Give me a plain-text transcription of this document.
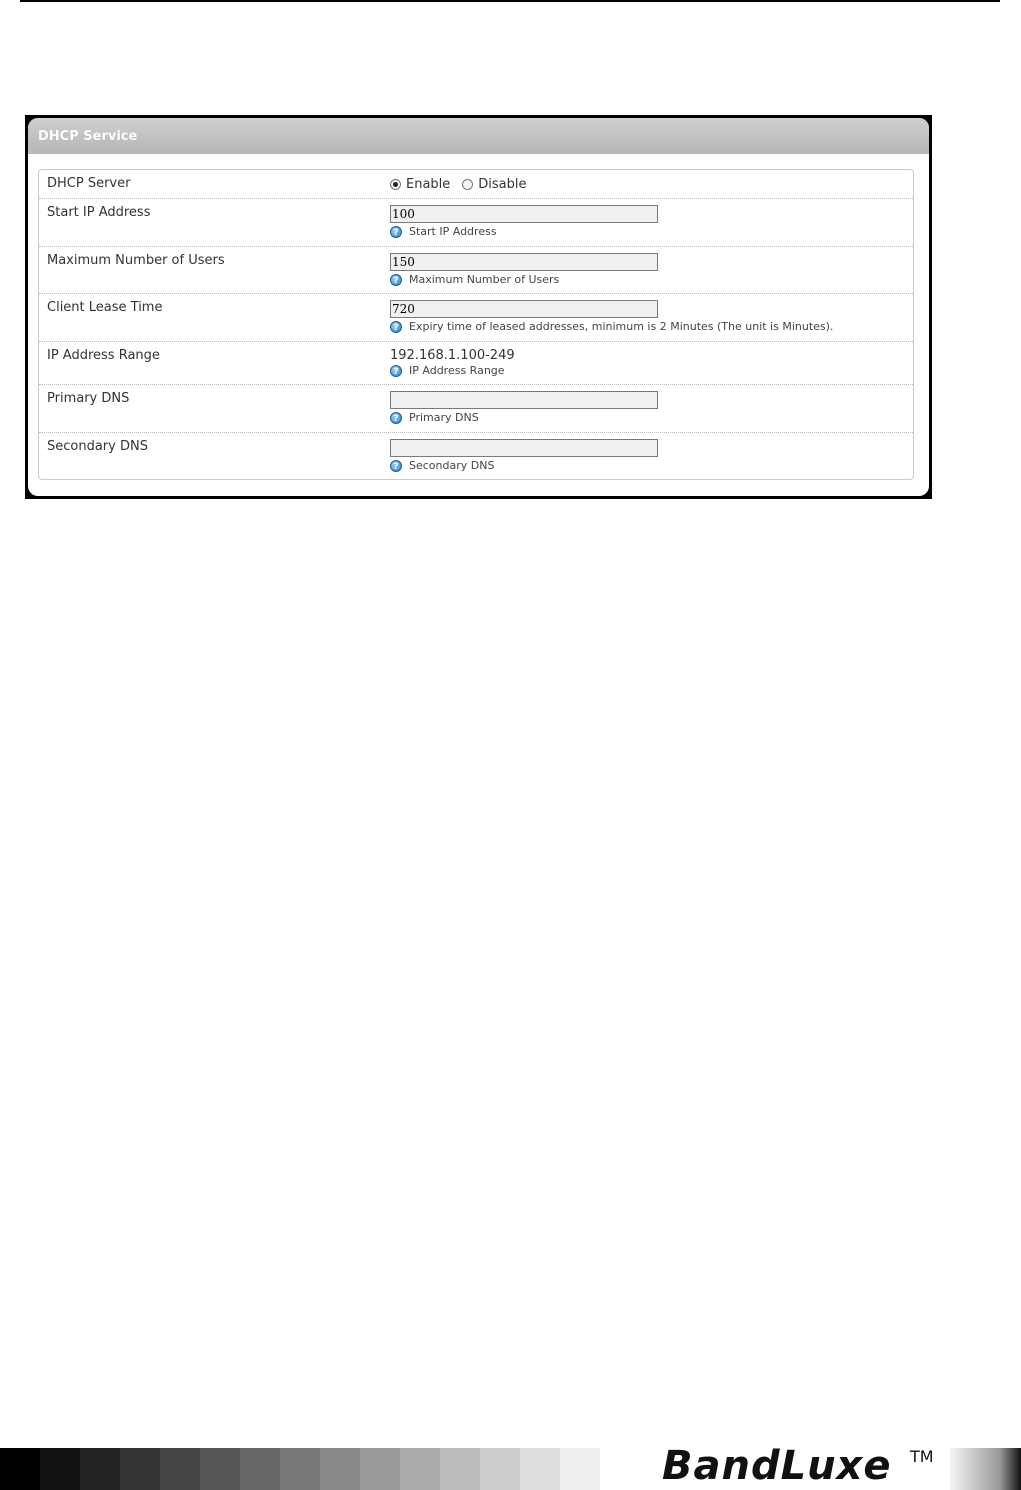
DHCP Service
DHCP Server	Enable Disable
Start IP Address
100
? Start IP Address
Maximum Number of Users
150
? Maximum Number of Users
Client Lease Time
720
? Expiry time of leased addresses, minimum is 2 Minutes (The unit is Minutes).
IP Address Range	192.168.1.100-249
? IP Address Range
Primary DNS
? Primary DNS
Secondary DNS
? Secondary DNS
BandLuxe TM
